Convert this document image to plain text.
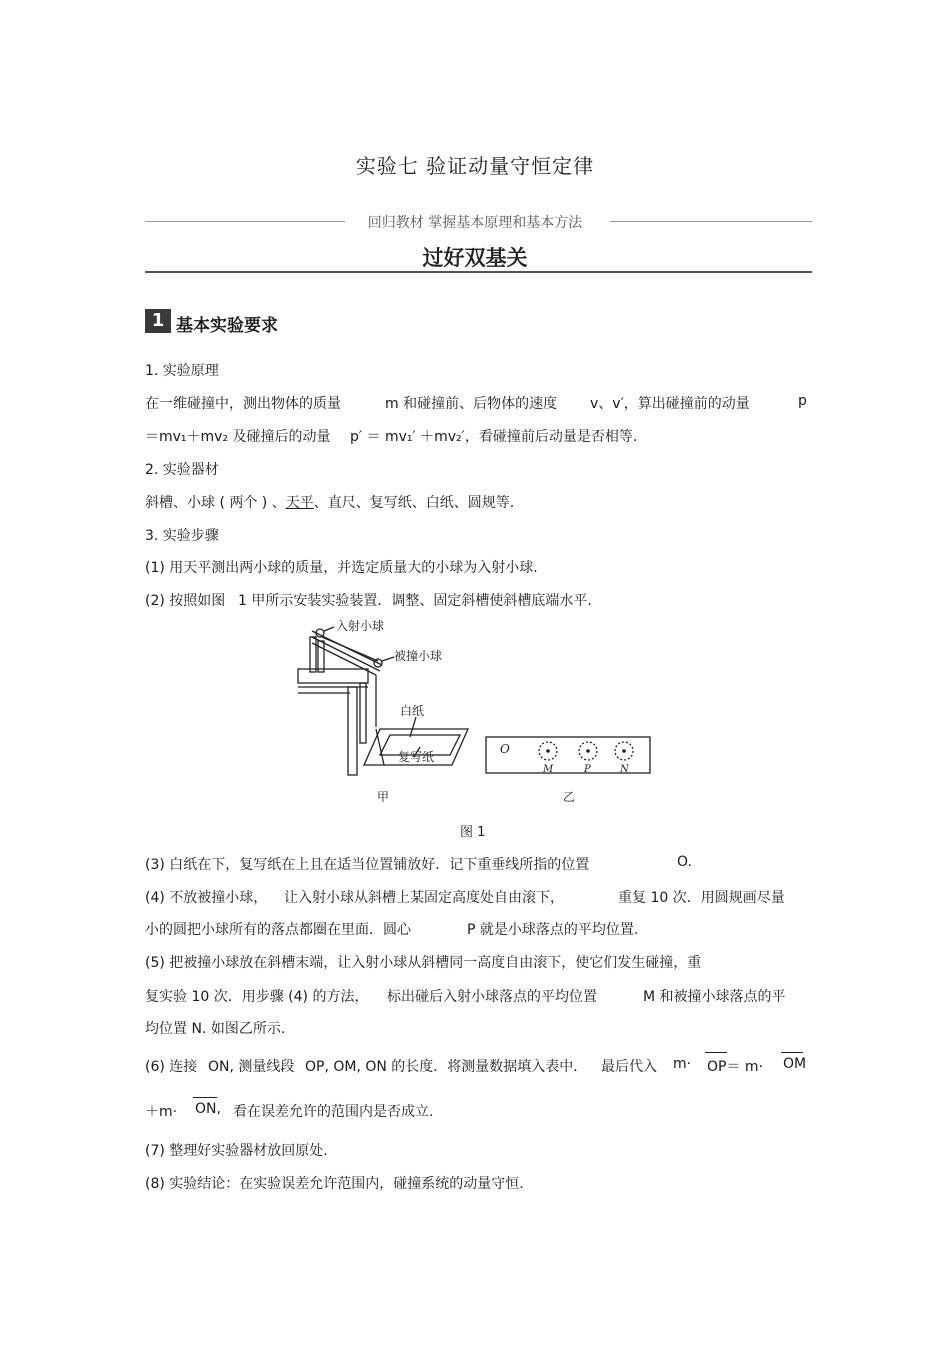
实验七 验证动量守恒定律
回归教材 掌握基本原理和基本方法
过好双基关
1 基本实验要求
1. 实验原理
在一维碰撞中，测出物体的质量	m 和碰撞前、后物体的速度 v、v′，算出碰撞前的动量	p
＝mv₁＋mv₂ 及碰撞后的动量 p′ ＝ mv₁′ ＋mv₂′，看碰撞前后动量是否相等.
2. 实验器材
斜槽、小球 ( 两个 ) 、天平、直尺、复写纸、白纸、圆规等.
3. 实验步骤
(1) 用天平测出两小球的质量，并选定质量大的小球为入射小球.
(2) 按照如图 1 甲所示安装实验装置．调整、固定斜槽使斜槽底端水平.
入射小球
被撞小球
白纸
复写纸
O
M	P	N
甲	乙
图 1
(3) 白纸在下，复写纸在上且在适当位置铺放好．记下重垂线所指的位置	O.
(4) 不放被撞小球， 让入射小球从斜槽上某固定高度处自由滚下，	重复 10 次．用圆规画尽量
小的圆把小球所有的落点都圈在里面．圆心	P 就是小球落点的平均位置.
(5) 把被撞小球放在斜槽末端，让入射小球从斜槽同一高度自由滚下，使它们发生碰撞，重
复实验 10 次．用步骤 (4) 的方法， 标出碰后入射小球落点的平均位置	M 和被撞小球落点的平
均位置 N. 如图乙所示.
(6) 连接 ON, 测量线段 OP, OM, ON 的长度．将测量数据填入表中． 最后代入 m· OP＝ m· OM
＋m· ON, 看在误差允许的范围内是否成立.
(7) 整理好实验器材放回原处.
(8) 实验结论：在实验误差允许范围内，碰撞系统的动量守恒.
